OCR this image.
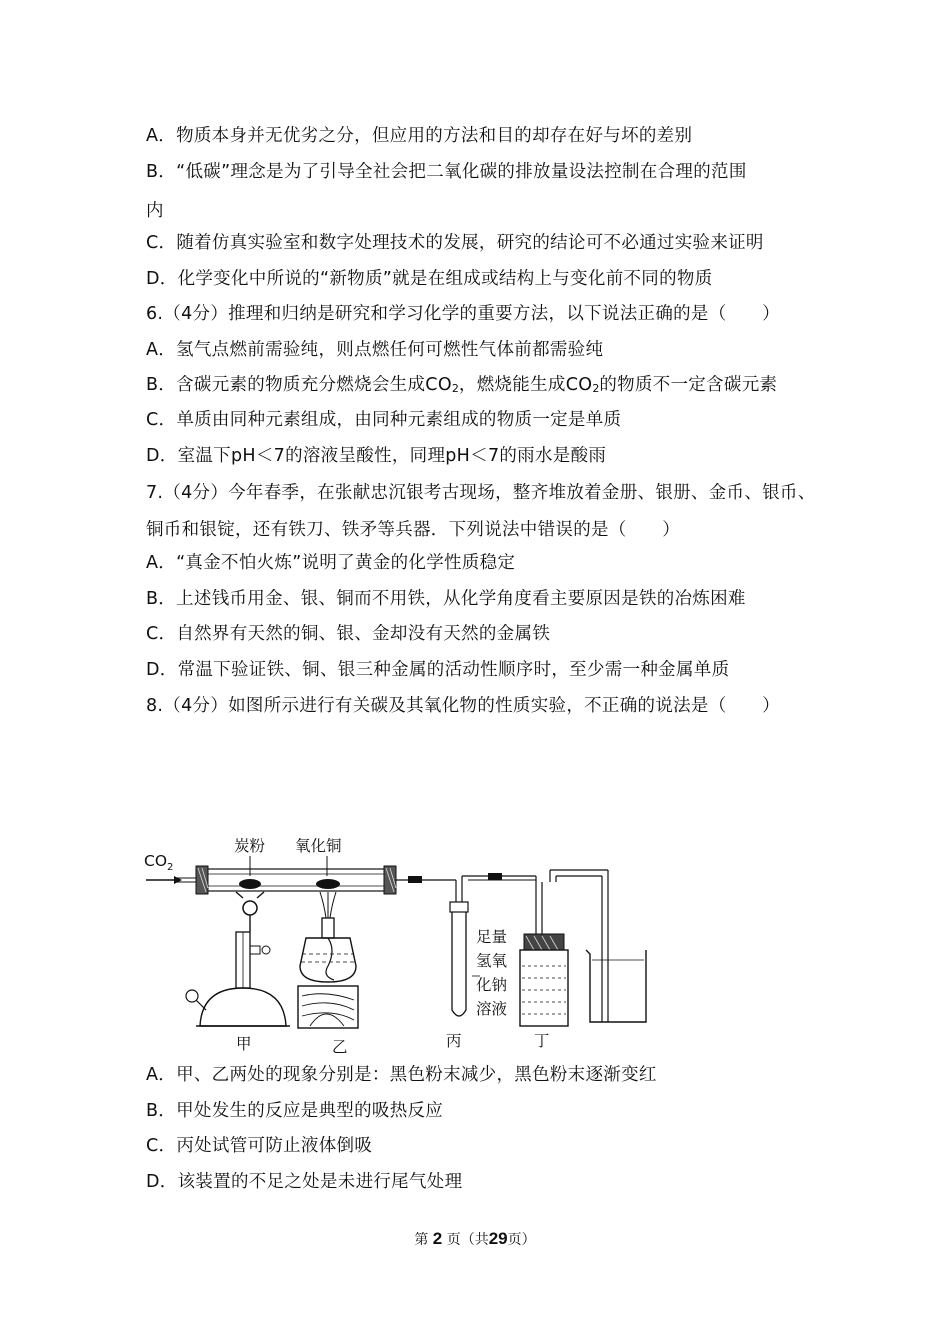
A．物质本身并无优劣之分，但应用的方法和目的却存在好与坏的差别
B．“低碳”理念是为了引导全社会把二氧化碳的排放量设法控制在合理的范围
内
C．随着仿真实验室和数字处理技术的发展，研究的结论可不必通过实验来证明
D．化学变化中所说的“新物质”就是在组成或结构上与变化前不同的物质
6.（4分）推理和归纳是研究和学习化学的重要方法，以下说法正确的是（　　）
A．氢气点燃前需验纯，则点燃任何可燃性气体前都需验纯
B．含碳元素的物质充分燃烧会生成$CO_2$，燃烧能生成$CO_2$的物质不一定含碳元素
C．单质由同种元素组成，由同种元素组成的物质一定是单质
D．室温下pH＜7的溶液呈酸性，同理pH＜7的雨水是酸雨
7.（4分）今年春季，在张献忠沉银考古现场，整齐堆放着金册、银册、金币、银币、
铜币和银锭，还有铁刀、铁矛等兵器．下列说法中错误的是（　　）
A．“真金不怕火炼”说明了黄金的化学性质稳定
B．上述钱币用金、银、铜而不用铁，从化学角度看主要原因是铁的冶炼困难
C．自然界有天然的铜、银、金却没有天然的金属铁
D．常温下验证铁、铜、银三种金属的活动性顺序时，至少需一种金属单质
8.（4分）如图所示进行有关碳及其氧化物的性质实验，不正确的说法是（　　）
$CO_2$
炭粉 氧化铜
甲	乙
足量
氢氧
化钠
溶液
丙	丁
A．甲、乙两处的现象分别是：黑色粉末减少，黑色粉末逐渐变红
B．甲处发生的反应是典型的吸热反应
C．丙处试管可防止液体倒吸
D．该装置的不足之处是未进行尾气处理
第 2 页（共29页）
